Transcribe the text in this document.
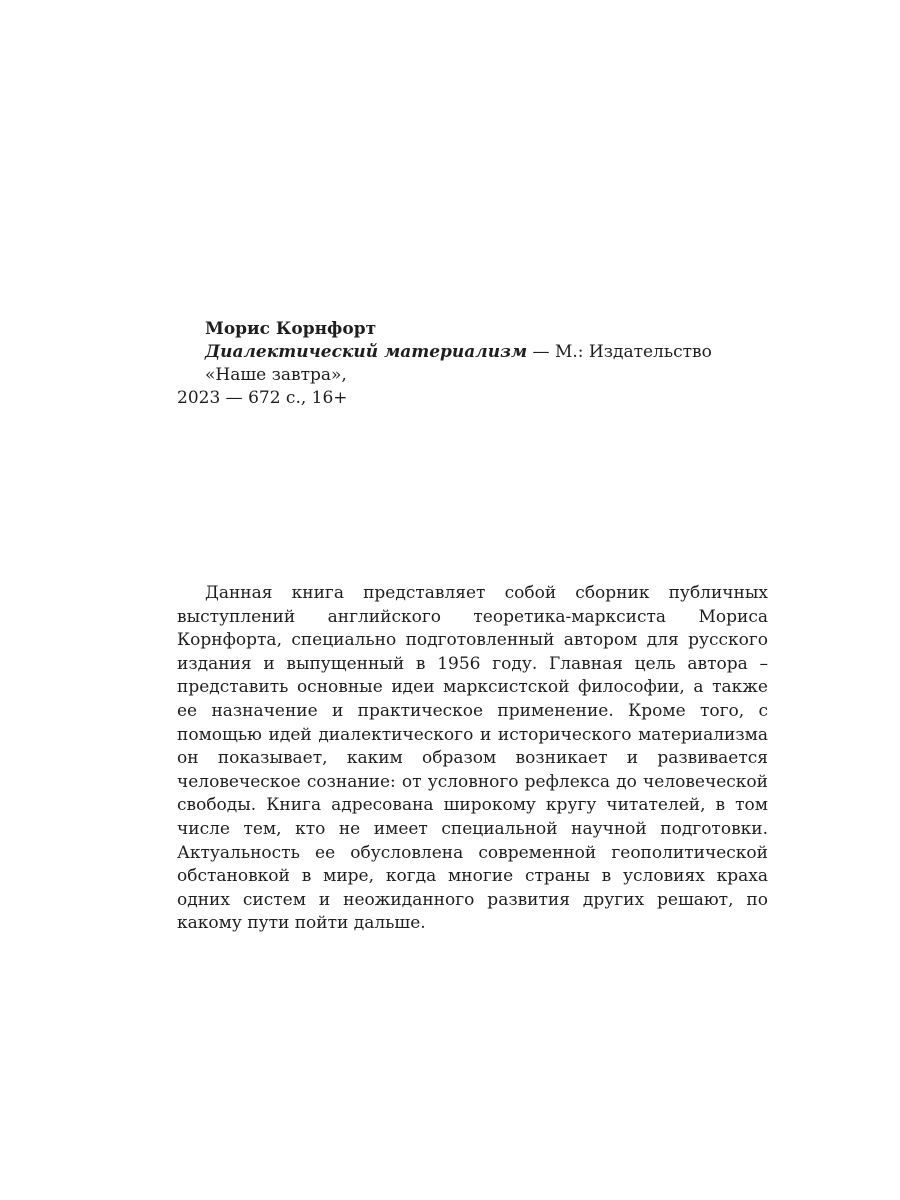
Морис Корнфорт
Диалектический материализм — М.: Издательство «Наше завтра»,
2023 — 672 с., 16+

Данная книга представляет собой сборник публичных выступлений английского теоретика-марксиста Мориса Корнфорта, специально подготовленный автором для русского издания и выпущенный в 1956 году. Главная цель автора – представить основные идеи марксистской философии, а также ее назначение и практическое применение. Кроме того, с помощью идей диалектического и исторического материализма он показывает, каким образом возникает и развивается человеческое сознание: от условного рефлекса до человеческой свободы. Книга адресована широкому кругу читателей, в том числе тем, кто не имеет специальной научной подготовки. Актуальность ее обусловлена современной геополитической обстановкой в мире, когда многие страны в условиях краха одних систем и неожиданного развития других решают, по какому пути пойти дальше.
